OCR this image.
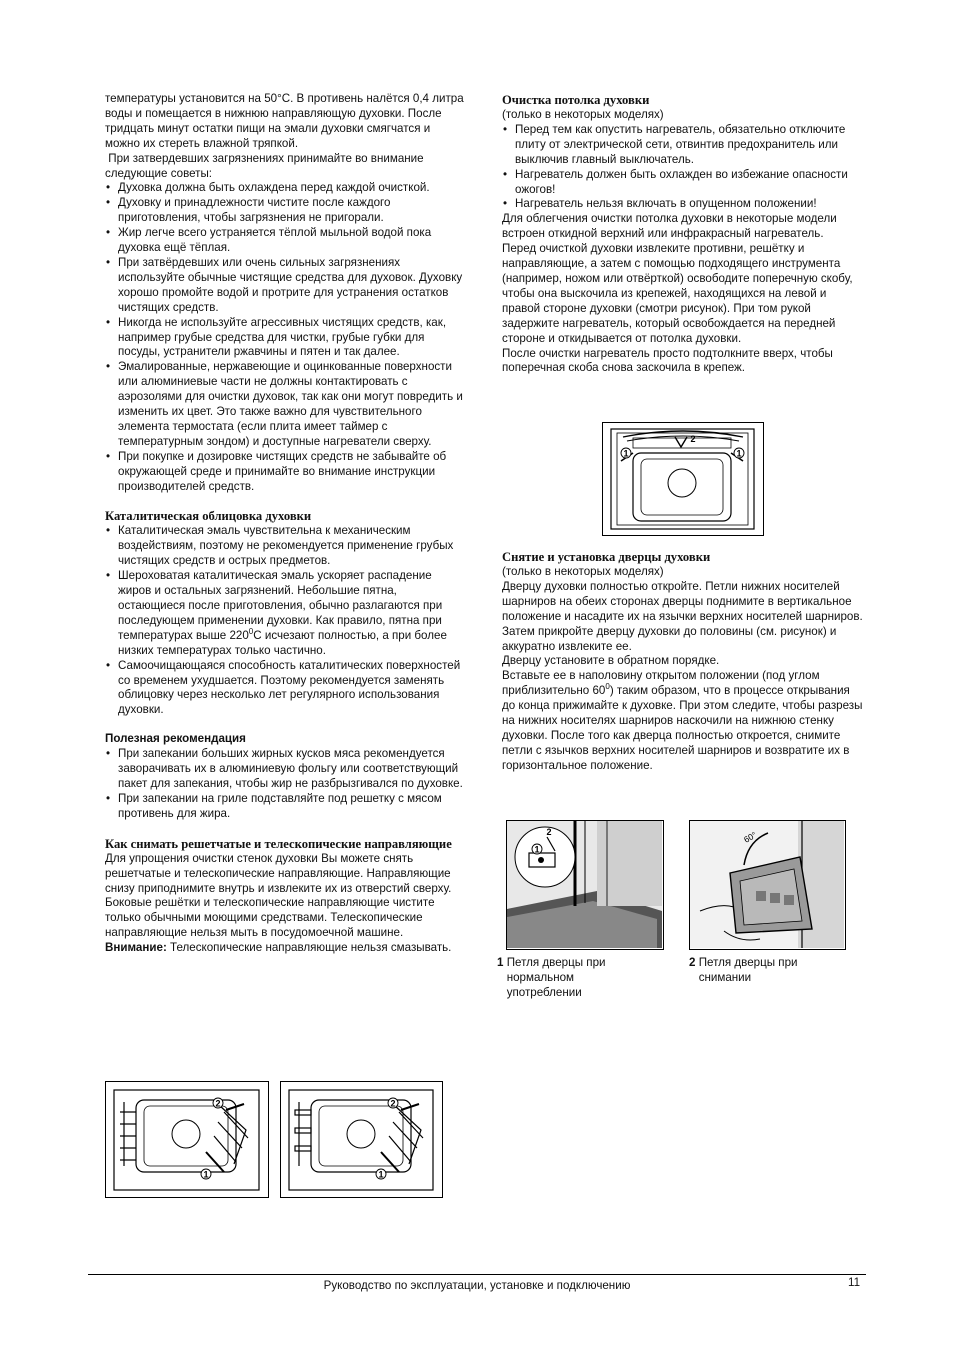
температуры установится на 50°C. В противень налётся 0,4 литра воды и помещается в нижнюю направляющую духовки. После тридцать минут остатки пищи на эмали духовки смягчатся и можно их стереть влажной тряпкой.

При затвердевших загрязнениях принимайте во внимание следующие советы:

• Духовка должна быть охлаждена перед каждой очисткой.
• Духовку и принадлежности чистите после каждого приготовления, чтобы загрязнения не пригорали.
• Жир легче всего устраняется тёплой мыльной водой пока духовка ещё тёплая.
• При затвёрдевших или очень сильных загрязнениях используйте обычные чистящие средства для духовок. Духовку хорошо промойте водой и протрите для устранения остатков чистящих средств.
• Никогда не используйте агрессивных чистящих средств, как, например грубые средства для чистки, грубые губки для посуды, устранители ржавчины и пятен и так далее.
• Эмалированные, нержавеющие и оцинкованные поверхности или алюминиевые части не должны контактировать с аэрозолями для очистки духовок, так как они могут повредить и изменить их цвет. Это также важно для чувствительного элемента термостата (если плита имеет таймер с температурным зондом) и доступные нагреватели сверху.
• При покупке и дозировке чистящих средств не забывайте об окружающей среде и принимайте во внимание инструкции производителей средств.

Каталитическая облицовка духовки

• Каталитическая эмаль чувствительна к механическим воздействиям, поэтому не рекомендуется применение грубых чистящих средств и острых предметов.
• Шероховатая каталитическая эмаль ускоряет распадение жиров и остальных загрязнений. Небольшие пятна, остающиеся после приготовления, обычно разлагаются при последующем применении духовки. Как правило, пятна при температурах выше $220^0С$ исчезают полностью, а при более низких температурах только частично.
• Самоочищающаяся способность каталитических поверхностей со временем ухудшается. Поэтому рекомендуется заменять облицовку через несколько лет регулярного использования духовки.

Полезная рекомендация

• При запекании больших жирных кусков мяса рекомендуется заворачивать их в алюминиевую фольгу или соответствующий пакет для запекания, чтобы жир не разбрызгивался по духовке.
• При запекании на гриле подставляйте под решетку с мясом противень для жира.

Как снимать решетчатые и телескопические направляющие

Для упрощения очистки стенок духовки Вы можете снять решетчатые и телескопические направляющие. Направляющие снизу приподнимите внутрь и извлеките их из отверстий сверху.

Боковые решётки и телескопические направляющие чистите только обычными моющими средствами. Телескопические направляющие нельзя мыть в посудомоечной машине.

Внимание: Телескопические направляющие нельзя смазывать.

Очистка потолка духовки

(только в некоторых моделях)

• Перед тем как опустить нагреватель, обязательно отключите плиту от электрической сети, отвинтив предохранитель или выключив главный выключатель.
• Нагреватель должен быть охлажден во избежание опасности ожогов!
• Нагреватель нельзя включать в опущенном положении!

Для облегчения очистки потолка духовки в некоторые модели встроен откидной верхний или инфракрасный нагреватель.

Перед очисткой духовки извлеките противни, решётку и направляющие, а затем с помощью подходящего инструмента (например, ножом или отвёрткой) освободите поперечную скобу, чтобы она выскочила из крепежей, находящихся на левой и правой стороне духовки (смотри рисунок). При том рукой задержите нагреватель, который освобождается на передней стороне и откидывается от потолка духовки.

После очистки нагреватель просто подтолкните вверх, чтобы поперечная скоба снова заскочила в крепеж.

Снятие и установка дверцы духовки

(только в некоторых моделях)

Дверцу духовки полностью откройте. Петли нижних носителей шарниров на обеих сторонах дверцы поднимите в вертикальное положение и насадите их на язычки верхних носителей шарниров. Затем прикройте дверцу духовки до половины (см. рисунок) и аккуратно извлеките ее.

Дверцу установите в обратном порядке.

Вставьте ее в наполовину открытом положении (под углом приблизительно $60^0$) таким образом, что в процессе открывания до конца прижимайте к духовке. При этом следите, чтобы разрезы на нижних носителях шарниров наскочили на нижнюю стенку духовки. После того как дверца полностью откроется, снимите петли с язычков верхних носителей шарниров и возвратите их в горизонтальное положение.

1	1
2
1
2	60°
1 Петля дверцы при нормальном употреблении
2 Петля дверцы при снимании
2
1
2
1
Руководство по эксплуатации, установке и подключению	11
